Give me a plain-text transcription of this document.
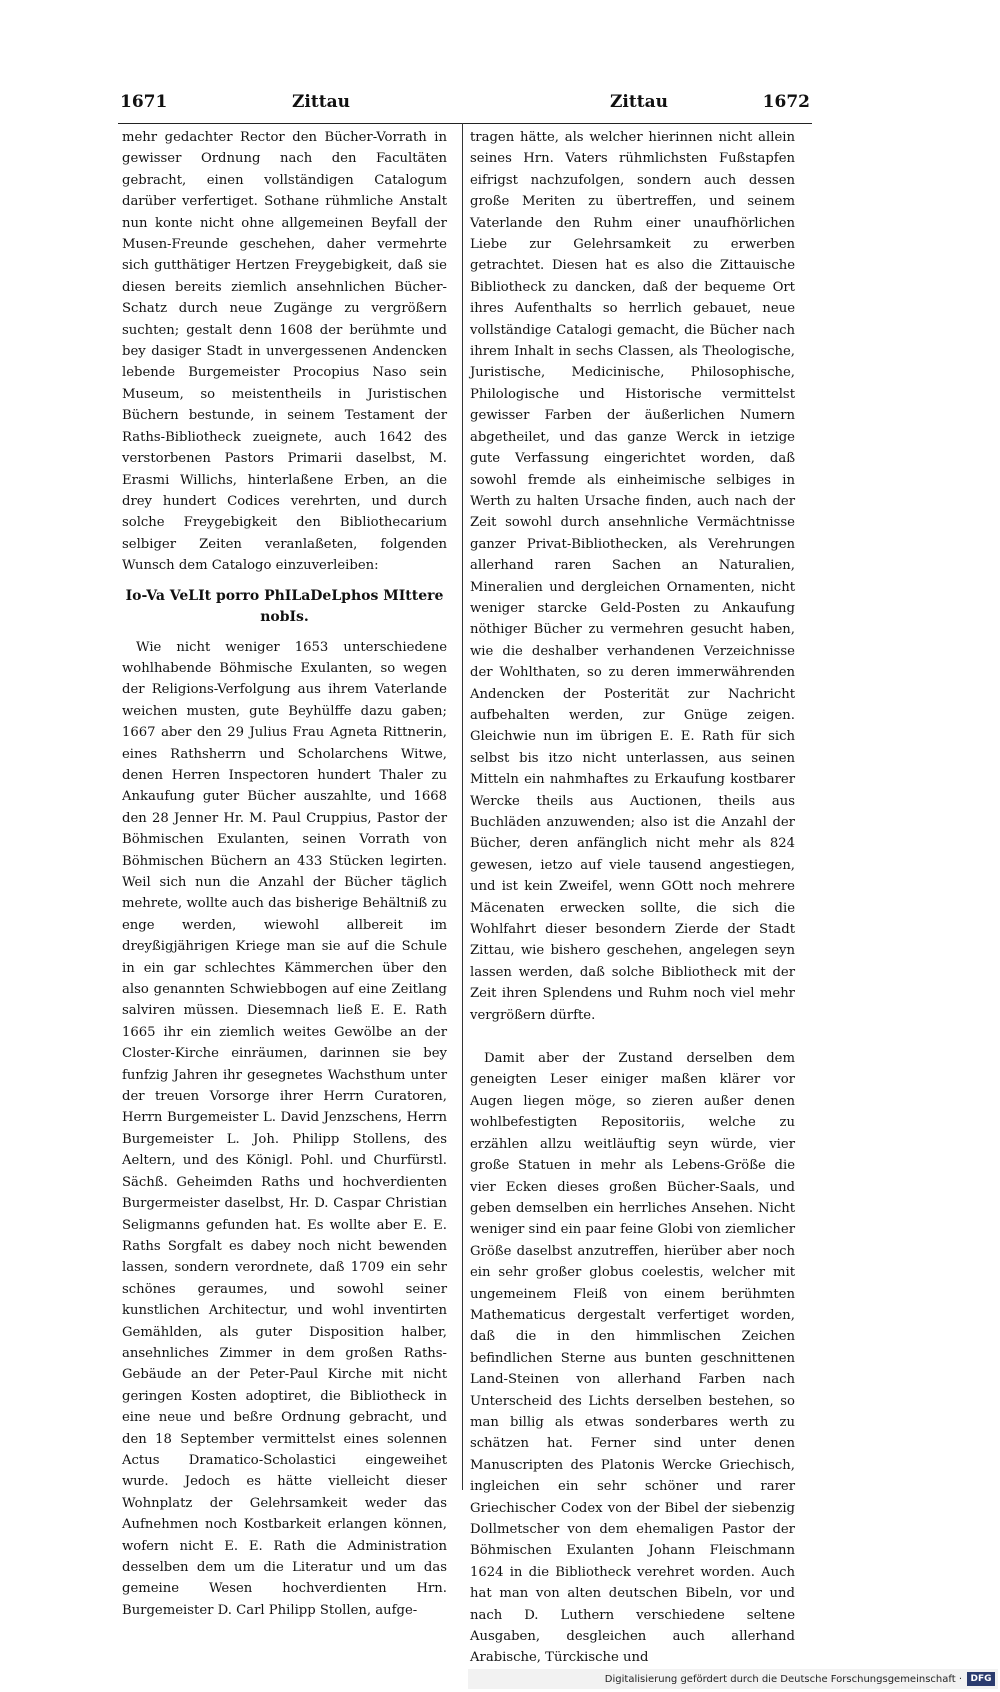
1671	Zittau	Zittau	1672

mehr gedachter Rector den Bücher-Vorrath in gewisser Ordnung nach den Facultäten gebracht, einen vollständigen Catalogum darüber verfertiget. Sothane rühmliche Anstalt nun konte nicht ohne allgemeinen Beyfall der Musen-Freunde geschehen, daher vermehrte sich gutthätiger Hertzen Freygebigkeit, daß sie diesen bereits ziemlich ansehnlichen Bücher-Schatz durch neue Zugänge zu vergrößern suchten; gestalt denn 1608 der berühmte und bey dasiger Stadt in unvergessenen Andencken lebende Burgemeister Procopius Naso sein Museum, so meistentheils in Juristischen Büchern bestunde, in seinem Testament der Raths-Bibliotheck zueignete, auch 1642 des verstorbenen Pastors Primarii daselbst, M. Erasmi Willichs, hinterlaßene Erben, an die drey hundert Codices verehrten, und durch solche Freygebigkeit den Bibliothecarium selbiger Zeiten veranlaßeten, folgenden Wunsch dem Catalogo einzuverleiben:

Io-Va VeLIt porro PhILaDeLphos MIttere
nobIs.

Wie nicht weniger 1653 unterschiedene wohlhabende Böhmische Exulanten, so wegen der Religions-Verfolgung aus ihrem Vaterlande weichen musten, gute Beyhülffe dazu gaben; 1667 aber den 29 Julius Frau Agneta Rittnerin, eines Rathsherrn und Scholarchens Witwe, denen Herren Inspectoren hundert Thaler zu Ankaufung guter Bücher auszahlte, und 1668 den 28 Jenner Hr. M. Paul Cruppius, Pastor der Böhmischen Exulanten, seinen Vorrath von Böhmischen Büchern an 433 Stücken legirten. Weil sich nun die Anzahl der Bücher täglich mehrete, wollte auch das bisherige Behältniß zu enge werden, wiewohl allbereit im dreyßigjährigen Kriege man sie auf die Schule in ein gar schlechtes Kämmerchen über den also genannten Schwiebbogen auf eine Zeitlang salviren müssen. Diesemnach ließ E. E. Rath 1665 ihr ein ziemlich weites Gewölbe an der Closter-Kirche einräumen, darinnen sie bey funfzig Jahren ihr gesegnetes Wachsthum unter der treuen Vorsorge ihrer Herrn Curatoren, Herrn Burgemeister L. David Jenzschens, Herrn Burgemeister L. Joh. Philipp Stollens, des Aeltern, und des Königl. Pohl. und Churfürstl. Sächß. Geheimden Raths und hochverdienten Burgermeister daselbst, Hr. D. Caspar Christian Seligmanns gefunden hat. Es wollte aber E. E. Raths Sorgfalt es dabey noch nicht bewenden lassen, sondern verordnete, daß 1709 ein sehr schönes geraumes, und sowohl seiner kunstlichen Architectur, und wohl inventirten Gemählden, als guter Disposition halber, ansehnliches Zimmer in dem großen Raths-Gebäude an der Peter-Paul Kirche mit nicht geringen Kosten adoptiret, die Bibliotheck in eine neue und beßre Ordnung gebracht, und den 18 September vermittelst eines solennen Actus Dramatico-Scholastici eingeweihet wurde. Jedoch es hätte vielleicht dieser Wohnplatz der Gelehrsamkeit weder das Aufnehmen noch Kostbarkeit erlangen können, wofern nicht E. E. Rath die Administration desselben dem um die Literatur und um das gemeine Wesen hochverdienten Hrn. Burgemeister D. Carl Philipp Stollen, aufge-

tragen hätte, als welcher hierinnen nicht allein seines Hrn. Vaters rühmlichsten Fußstapfen eifrigst nachzufolgen, sondern auch dessen große Meriten zu übertreffen, und seinem Vaterlande den Ruhm einer unaufhörlichen Liebe zur Gelehrsamkeit zu erwerben getrachtet. Diesen hat es also die Zittauische Bibliotheck zu dancken, daß der bequeme Ort ihres Aufenthalts so herrlich gebauet, neue vollständige Catalogi gemacht, die Bücher nach ihrem Inhalt in sechs Classen, als Theologische, Juristische, Medicinische, Philosophische, Philologische und Historische vermittelst gewisser Farben der äußerlichen Numern abgetheilet, und das ganze Werck in ietzige gute Verfassung eingerichtet worden, daß sowohl fremde als einheimische selbiges in Werth zu halten Ursache finden, auch nach der Zeit sowohl durch ansehnliche Vermächtnisse ganzer Privat-Bibliothecken, als Verehrungen allerhand raren Sachen an Naturalien, Mineralien und dergleichen Ornamenten, nicht weniger starcke Geld-Posten zu Ankaufung nöthiger Bücher zu vermehren gesucht haben, wie die deshalber verhandenen Verzeichnisse der Wohlthaten, so zu deren immerwährenden Andencken der Posterität zur Nachricht aufbehalten werden, zur Gnüge zeigen. Gleichwie nun im übrigen E. E. Rath für sich selbst bis itzo nicht unterlassen, aus seinen Mitteln ein nahmhaftes zu Erkaufung kostbarer Wercke theils aus Auctionen, theils aus Buchläden anzuwenden; also ist die Anzahl der Bücher, deren anfänglich nicht mehr als 824 gewesen, ietzo auf viele tausend angestiegen, und ist kein Zweifel, wenn GOtt noch mehrere Mäcenaten erwecken sollte, die sich die Wohlfahrt dieser besondern Zierde der Stadt Zittau, wie bishero geschehen, angelegen seyn lassen werden, daß solche Bibliotheck mit der Zeit ihren Splendens und Ruhm noch viel mehr vergrößern dürfte.

Damit aber der Zustand derselben dem geneigten Leser einiger maßen klärer vor Augen liegen möge, so zieren außer denen wohlbefestigten Repositoriis, welche zu erzählen allzu weitläuftig seyn würde, vier große Statuen in mehr als Lebens-Größe die vier Ecken dieses großen Bücher-Saals, und geben demselben ein herrliches Ansehen. Nicht weniger sind ein paar feine Globi von ziemlicher Größe daselbst anzutreffen, hierüber aber noch ein sehr großer globus coelestis, welcher mit ungemeinem Fleiß von einem berühmten Mathematicus dergestalt verfertiget worden, daß die in den himmlischen Zeichen befindlichen Sterne aus bunten geschnittenen Land-Steinen von allerhand Farben nach Unterscheid des Lichts derselben bestehen, so man billig als etwas sonderbares werth zu schätzen hat. Ferner sind unter denen Manuscripten des Platonis Wercke Griechisch, ingleichen ein sehr schöner und rarer Griechischer Codex von der Bibel der siebenzig Dollmetscher von dem ehemaligen Pastor der Böhmischen Exulanten Johann Fleischmann 1624 in die Bibliotheck verehret worden. Auch hat man von alten deutschen Bibeln, vor und nach D. Luthern verschiedene seltene Ausgaben, desgleichen auch allerhand Arabische, Türckische und

Digitalisierung gefördert durch die Deutsche Forschungsgemeinschaft · DFG
